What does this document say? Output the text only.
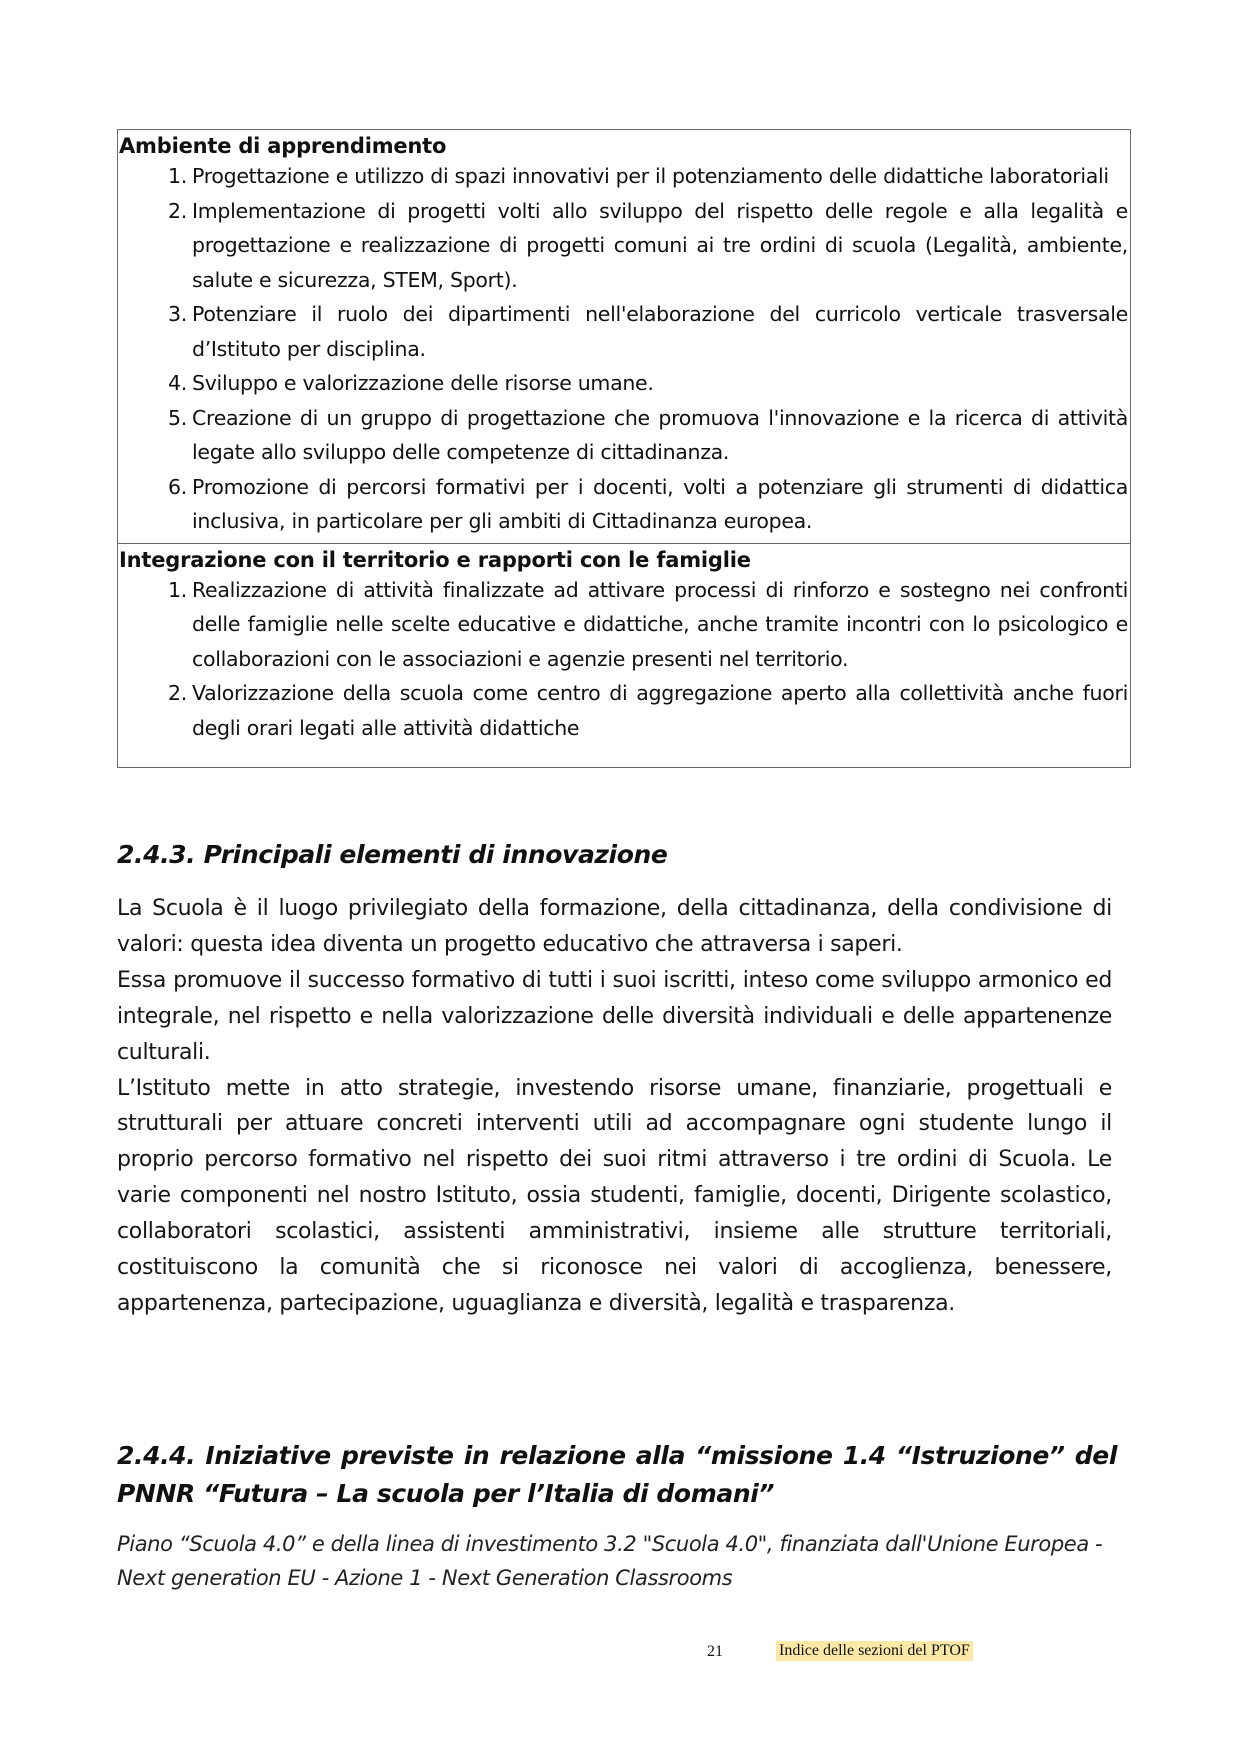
Ambiente di apprendimento
1. Progettazione e utilizzo di spazi innovativi per il potenziamento delle didattiche laboratoriali
2. Implementazione di progetti volti allo sviluppo del rispetto delle regole e alla legalità e progettazione e realizzazione di progetti comuni ai tre ordini di scuola (Legalità, ambiente, salute e sicurezza, STEM, Sport).
3. Potenziare il ruolo dei dipartimenti nell'elaborazione del curricolo verticale trasversale d’Istituto per disciplina.
4. Sviluppo e valorizzazione delle risorse umane.
5. Creazione di un gruppo di progettazione che promuova l'innovazione e la ricerca di attività legate allo sviluppo delle competenze di cittadinanza.
6. Promozione di percorsi formativi per i docenti, volti a potenziare gli strumenti di didattica inclusiva, in particolare per gli ambiti di Cittadinanza europea.
Integrazione con il territorio e rapporti con le famiglie
1. Realizzazione di attività finalizzate ad attivare processi di rinforzo e sostegno nei confronti delle famiglie nelle scelte educative e didattiche, anche tramite incontri con lo psicologico e collaborazioni con le associazioni e agenzie presenti nel territorio.
2. Valorizzazione della scuola come centro di aggregazione aperto alla collettività anche fuori degli orari legati alle attività didattiche
2.4.3. Principali elementi di innovazione

La Scuola è il luogo privilegiato della formazione, della cittadinanza, della condivisione di valori: questa idea diventa un progetto educativo che attraversa i saperi.

Essa promuove il successo formativo di tutti i suoi iscritti, inteso come sviluppo armonico ed integrale, nel rispetto e nella valorizzazione delle diversità individuali e delle appartenenze culturali.

L’Istituto mette in atto strategie, investendo risorse umane, finanziarie, progettuali e strutturali per attuare concreti interventi utili ad accompagnare ogni studente lungo il proprio percorso formativo nel rispetto dei suoi ritmi attraverso i tre ordini di Scuola. Le varie componenti nel nostro Istituto, ossia studenti, famiglie, docenti, Dirigente scolastico, collaboratori scolastici, assistenti amministrativi, insieme alle strutture territoriali, costituiscono la comunità che si riconosce nei valori di accoglienza, benessere, appartenenza, partecipazione, uguaglianza e diversità, legalità e trasparenza.

2.4.4. Iniziative previste in relazione alla “missione 1.4 “Istruzione” del PNNR “Futura – La scuola per l’Italia di domani”

Piano “Scuola 4.0” e della linea di investimento 3.2 "Scuola 4.0", finanziata dall'Unione Europea - Next generation EU - Azione 1 - Next Generation Classrooms

21	Indice delle sezioni del PTOF
